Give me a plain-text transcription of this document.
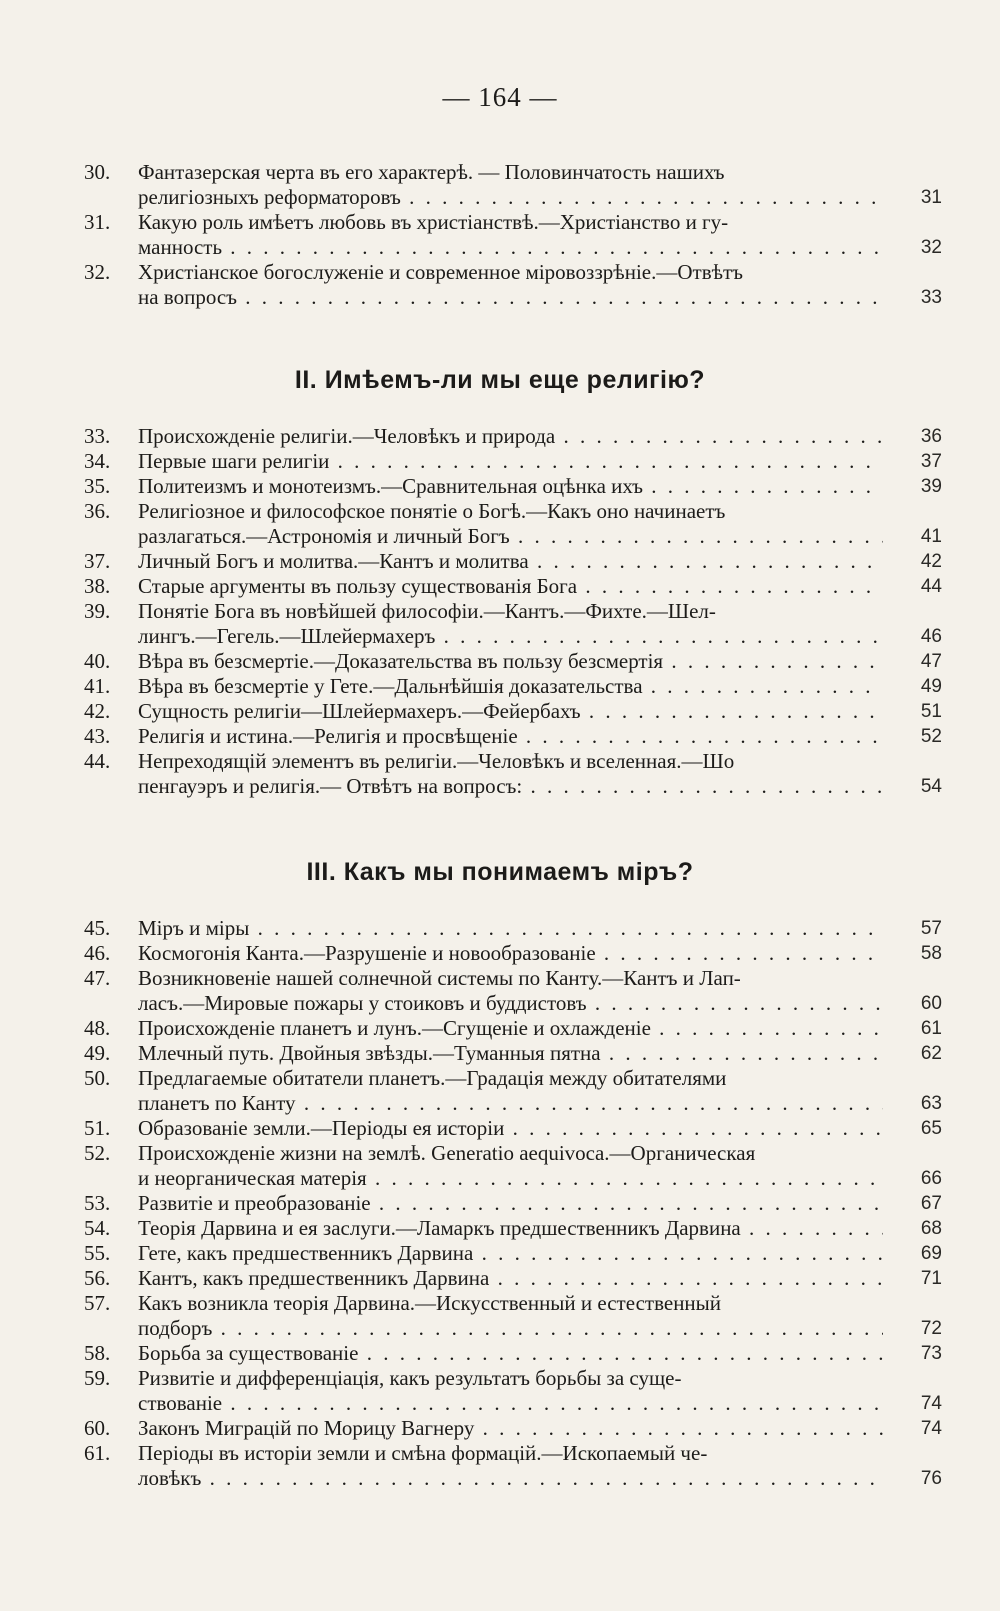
— 164 —
30.	Фантазерская черта въ его характерѣ. — Половинчатость нашихъ
религіозныхъ реформаторовъ . . .	31
31.	Какую роль имѣетъ любовь въ христіанствѣ.—Христіанство и гу-
манность . . .	32
32.	Христіанское богослуженіе и современное міровоззрѣніе.—Отвѣтъ
на вопросъ . . .	33
II. Имѣемъ-ли мы еще религію?
33.	Происхожденіе религіи.—Человѣкъ и природа . . .	36
34.	Первые шаги религіи . . .	37
35.	Политеизмъ и монотеизмъ.—Сравнительная оцѣнка ихъ . . .	39
36.	Религіозное и философское понятіе о Богѣ.—Какъ оно начинаетъ
разлагаться.—Астрономія и личный Богъ . . .	41
37.	Личный Богъ и молитва.—Кантъ и молитва . . .	42
38.	Старые аргументы въ пользу существованія Бога . . .	44
39.	Понятіе Бога въ новѣйшей философіи.—Кантъ.—Фихте.—Шел-
лингъ.—Гегель.—Шлейермахеръ . . .	46
40.	Вѣра въ безсмертіе.—Доказательства въ пользу безсмертія . . .	47
41.	Вѣра въ безсмертіе у Гете.—Дальнѣйшія доказательства . . .	49
42.	Сущность религіи—Шлейермахеръ.—Фейербахъ . . .	51
43.	Религія и истина.—Религія и просвѣщеніе . . .	52
44.	Непреходящій элементъ въ религіи.—Человѣкъ и вселенная.—Шо
пенгауэръ и религія.— Отвѣтъ на вопросъ: . . .	54
III. Какъ мы понимаемъ міръ?
45.	Міръ и міры . . .	57
46.	Космогонія Канта.—Разрушеніе и новообразованіе . . .	58
47.	Возникновеніе нашей солнечной системы по Канту.—Кантъ и Лап-
ласъ.—Мировые пожары у стоиковъ и буддистовъ . . .	60
48.	Происхожденіе планетъ и лунъ.—Сгущеніе и охлажденіе . . .	61
49.	Млечный путь. Двойныя звѣзды.—Туманныя пятна . . .	62
50.	Предлагаемые обитатели планетъ.—Градація между обитателями
планетъ по Канту . . .	63
51.	Образованіе земли.—Періоды ея исторіи . . .	65
52.	Происхожденіе жизни на землѣ. Generatio aequivoca.—Органическая
и неорганическая матерія . . .	66
53.	Развитіе и преобразованіе . . .	67
54.	Теорія Дарвина и ея заслуги.—Ламаркъ предшественникъ Дарвина . . .	68
55.	Гете, какъ предшественникъ Дарвина . . .	69
56.	Кантъ, какъ предшественникъ Дарвина . . .	71
57.	Какъ возникла теорія Дарвина.—Искусственный и естественный
подборъ . . .	72
58.	Борьба за существованіе . . .	73
59.	Ризвитіе и дифференціація, какъ результатъ борьбы за суще-
ствованіе . . .	74
60.	Законъ Миграцій по Морицу Вагнеру . . .	74
61.	Періоды въ исторіи земли и смѣна формацій.—Ископаемый че-
ловѣкъ . . .	76
